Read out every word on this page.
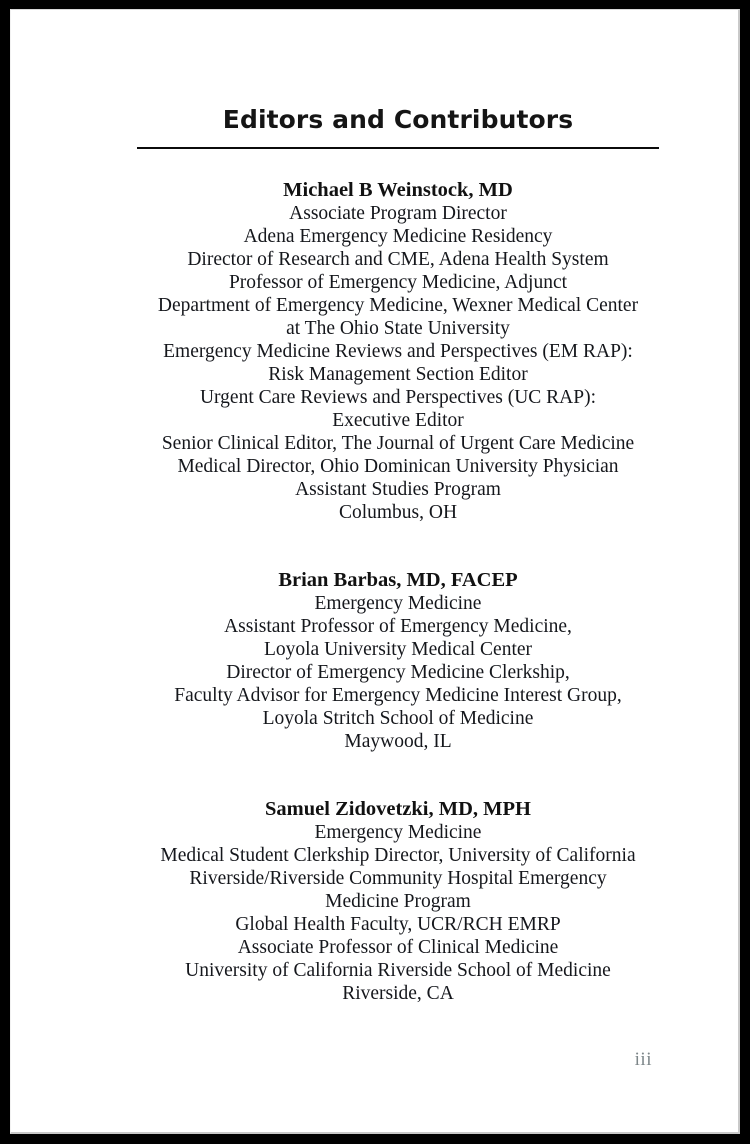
Editors and Contributors
Michael B Weinstock, MD
Associate Program Director
Adena Emergency Medicine Residency
Director of Research and CME, Adena Health System
Professor of Emergency Medicine, Adjunct
Department of Emergency Medicine, Wexner Medical Center
at The Ohio State University
Emergency Medicine Reviews and Perspectives (EM RAP):
Risk Management Section Editor
Urgent Care Reviews and Perspectives (UC RAP):
Executive Editor
Senior Clinical Editor, The Journal of Urgent Care Medicine
Medical Director, Ohio Dominican University Physician
Assistant Studies Program
Columbus, OH
Brian Barbas, MD, FACEP
Emergency Medicine
Assistant Professor of Emergency Medicine,
Loyola University Medical Center
Director of Emergency Medicine Clerkship,
Faculty Advisor for Emergency Medicine Interest Group,
Loyola Stritch School of Medicine
Maywood, IL
Samuel Zidovetzki, MD, MPH
Emergency Medicine
Medical Student Clerkship Director, University of California
Riverside/Riverside Community Hospital Emergency
Medicine Program
Global Health Faculty, UCR/RCH EMRP
Associate Professor of Clinical Medicine
University of California Riverside School of Medicine
Riverside, CA
iii
